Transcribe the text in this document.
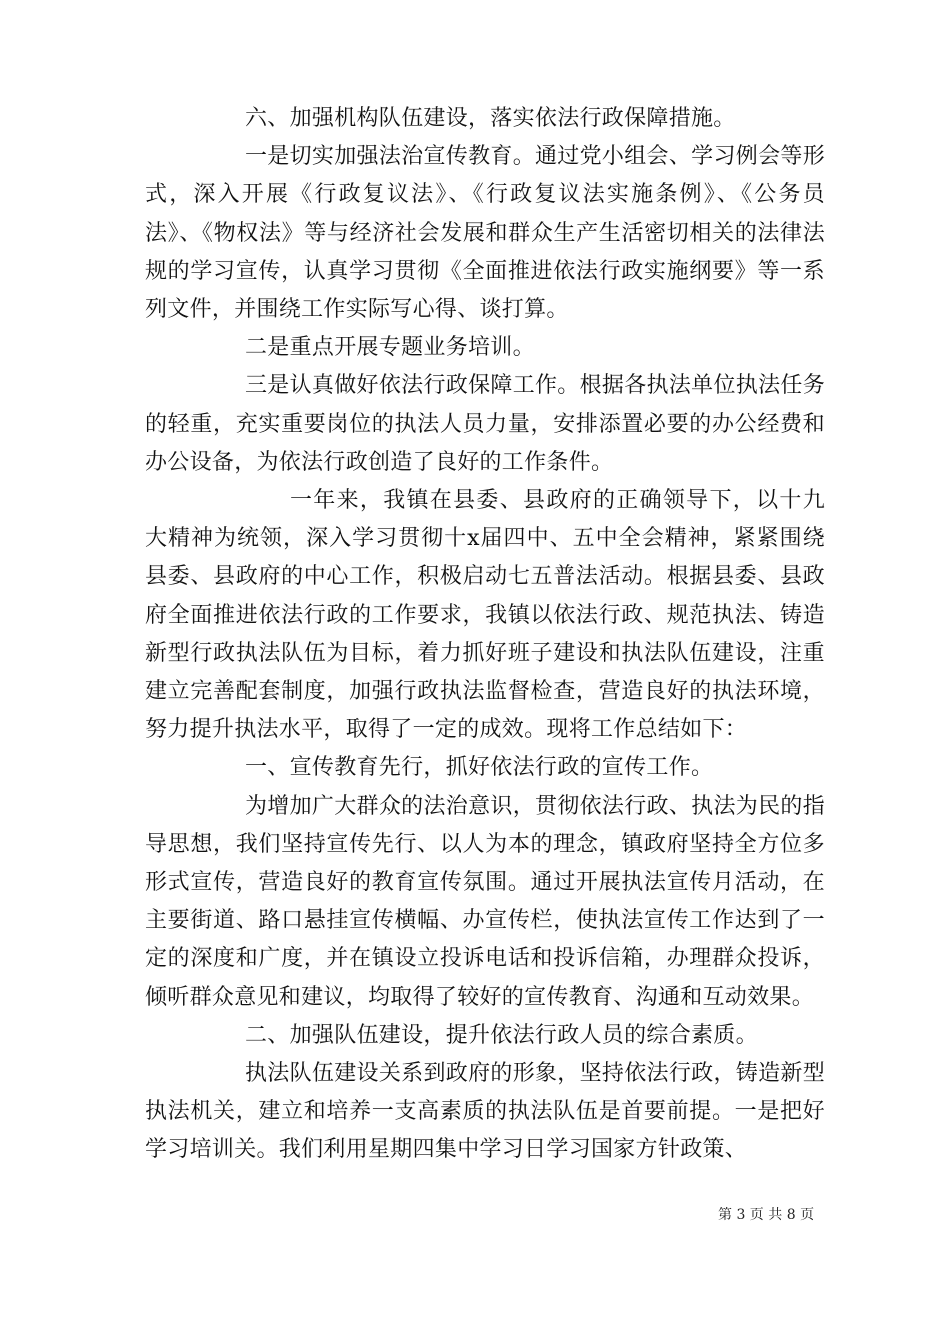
六、加强机构队伍建设，落实依法行政保障措施。

一是切实加强法治宣传教育。通过党小组会、学习例会等形式，深入开展《行政复议法》、《行政复议法实施条例》、《公务员法》、《物权法》等与经济社会发展和群众生产生活密切相关的法律法规的学习宣传，认真学习贯彻《全面推进依法行政实施纲要》等一系列文件，并围绕工作实际写心得、谈打算。

二是重点开展专题业务培训。

三是认真做好依法行政保障工作。根据各执法单位执法任务的轻重，充实重要岗位的执法人员力量，安排添置必要的办公经费和办公设备，为依法行政创造了良好的工作条件。

一年来，我镇在县委、县政府的正确领导下，以十九大精神为统领，深入学习贯彻十x届四中、五中全会精神，紧紧围绕县委、县政府的中心工作，积极启动七五普法活动。根据县委、县政府全面推进依法行政的工作要求，我镇以依法行政、规范执法、铸造新型行政执法队伍为目标，着力抓好班子建设和执法队伍建设，注重建立完善配套制度，加强行政执法监督检查，营造良好的执法环境，努力提升执法水平，取得了一定的成效。现将工作总结如下：

一、宣传教育先行，抓好依法行政的宣传工作。

为增加广大群众的法治意识，贯彻依法行政、执法为民的指导思想，我们坚持宣传先行、以人为本的理念，镇政府坚持全方位多形式宣传，营造良好的教育宣传氛围。通过开展执法宣传月活动，在主要街道、路口悬挂宣传横幅、办宣传栏，使执法宣传工作达到了一定的深度和广度，并在镇设立投诉电话和投诉信箱，办理群众投诉，倾听群众意见和建议，均取得了较好的宣传教育、沟通和互动效果。

二、加强队伍建设，提升依法行政人员的综合素质。

执法队伍建设关系到政府的形象，坚持依法行政，铸造新型执法机关，建立和培养一支高素质的执法队伍是首要前提。一是把好学习培训关。我们利用星期四集中学习日学习国家方针政策、

第 3 页 共 8 页
